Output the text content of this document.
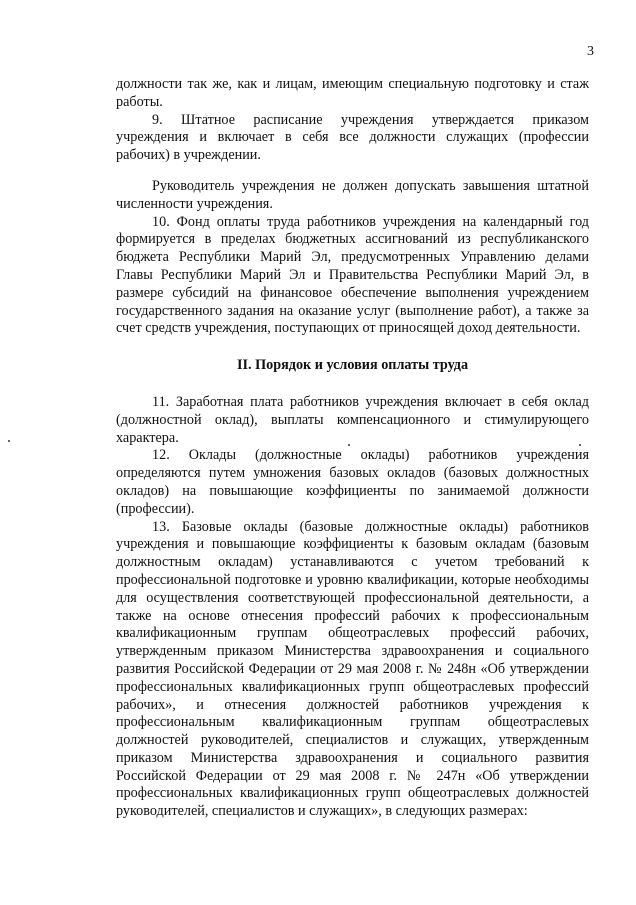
3

должности так же, как и лицам, имеющим специальную подготовку и стаж работы.

9. Штатное расписание учреждения утверждается приказом учреждения и включает в себя все должности служащих (профессии рабочих) в учреждении.

Руководитель учреждения не должен допускать завышения штатной численности учреждения.

10. Фонд оплаты труда работников учреждения на календарный год формируется в пределах бюджетных ассигнований из республиканского бюджета Республики Марий Эл, предусмотренных Управлению делами Главы Республики Марий Эл и Правительства Республики Марий Эл, в размере субсидий на финансовое обеспечение выполнения учреждением государственного задания на оказание услуг (выполнение работ), а также за счет средств учреждения, поступающих от приносящей доход деятельности.

II. Порядок и условия оплаты труда

11. Заработная плата работников учреждения включает в себя оклад (должностной оклад), выплаты компенсационного и стимулирующего характера.

12. Оклады (должностные оклады) работников учреждения определяются путем умножения базовых окладов (базовых должностных окладов) на повышающие коэффициенты по занимаемой должности (профессии).

13. Базовые оклады (базовые должностные оклады) работников учреждения и повышающие коэффициенты к базовым окладам (базовым должностным окладам) устанавливаются с учетом требований к профессиональной подготовке и уровню квалификации, которые необходимы для осуществления соответствующей профессиональной деятельности, а также на основе отнесения профессий рабочих к профессиональным квалификационным группам общеотраслевых профессий рабочих, утвержденным приказом Министерства здравоохранения и социального развития Российской Федерации от 29 мая 2008 г. № 248н «Об утверждении профессиональных квалификационных групп общеотраслевых профессий рабочих», и отнесения должностей работников учреждения к профессиональным квалификационным группам общеотраслевых должностей руководителей, специалистов и служащих, утвержденным приказом Министерства здравоохранения и социального развития Российской Федерации от 29 мая 2008 г. № 247н «Об утверждении профессиональных квалификационных групп общеотраслевых должностей руководителей, специалистов и служащих», в следующих размерах:
